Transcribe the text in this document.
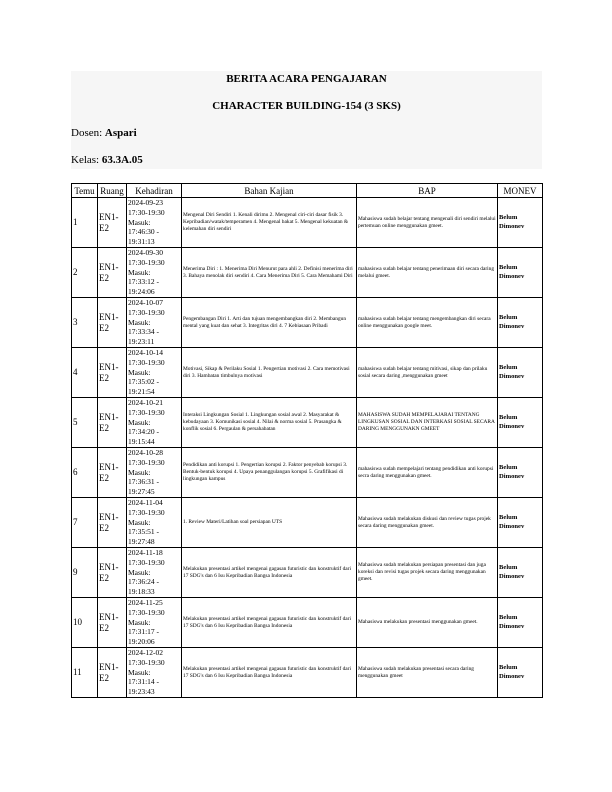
BERITA ACARA PENGAJARAN
CHARACTER BUILDING-154 (3 SKS)
Dosen: Aspari
Kelas: 63.3A.05
Temu	Ruang	Kehadiran	Bahan Kajian	BAP	MONEV
1	EN1-E2	2024-09-23
17:30-19:30
Masuk:
17:46:30 - 19:31:13	Mengenal Diri Sendiri 1. Kenali dirimu 2. Mengenal ciri-ciri dasar fisik 3. Kepribadian/watak/temperamen 4. Mengenal bakat 5. Mengenal kekuatan & kelemahan diri sendiri	Mahasiswa sudah belajar tentang mengenali diri sendiri melalui pertemuan online menggunakan gmeet.	Belum Dimonev
2	EN1-E2	2024-09-30
17:30-19:30
Masuk:
17:33:12 - 19:24:06	Menerima Diri : 1. Menerima Diri Menurut para ahli 2. Definisi menerima diri 3. Bahaya menolak diri sendiri 4. Cara Menerima Diri 5. Cara Memahami Diri	mahasiswa sudah belajar tentang penerimaan diri secara daring melalui gmeet.	Belum Dimonev
3	EN1-E2	2024-10-07
17:30-19:30
Masuk:
17:33:34 - 19:23:11	Pengembangan Diri 1. Arti dan tujuan mengembangkan diri 2. Membangun mental yang kuat dan sehat 3. Integritas diri 4. 7 Kebiasaan Pribadi	mahasiswa sudah belajar tentang mengembangkan diri secara online menggunakan google meet.	Belum Dimonev
4	EN1-E2	2024-10-14
17:30-19:30
Masuk:
17:35:02 - 19:21:54	Motivasi, Sikap & Perilaku Sosial 1. Pengertian motivasi 2. Cara memotivasi diri 3. Hambatan timbulnya motivasi	mahasiswa sudah belajar tentang mitivasi, sikap dan prilaku sosial secara daring ,menggunakan gmeet	Belum Dimonev
5	EN1-E2	2024-10-21
17:30-19:30
Masuk:
17:34:20 - 19:15:44	Interaksi Lingkungan Sosial 1. Lingkungan sosial awal 2. Masyarakat & kebudayaan 3. Komunikasi sosial 4. Nilai & norma sosial 5. Prasangka & konflik sosial 6. Pergaulan & persahabatan	MAHASISWA SUDAH MEMPELAJARAI TENTANG LINGKUSAN SOSIAL DAN INTERKASI SOSIAL SECARA DARING MENGGUNAKN GMEET	Belum Dimonev
6	EN1-E2	2024-10-28
17:30-19:30
Masuk:
17:36:31 - 19:27:45	Pendidikan anti korupsi 1. Pengertian korupsi 2. Faktor penyebab korupsi 3. Bentuk-bentuk korupsi 4. Upaya penanggulangan korupsi 5. Grafifikasi di lingkungan kampus	mahasiswa sudah mempelajari tentang pendidikan anti korupsi secra daring menggunakan gmeet.	Belum Dimonev
7	EN1-E2	2024-11-04
17:30-19:30
Masuk:
17:35:51 - 19:27:48	1. Review Materi/Latihan soal persiapan UTS	Mahasiswa sudah melakukan diskusi dan review tugas projek secara daring menggunakan gmeet.	Belum Dimonev
9	EN1-E2	2024-11-18
17:30-19:30
Masuk:
17:36:24 - 19:18:33	Melakukan presentasi artikel mengenai gagasan futuristic dan konstruktif dari 17 SDG's dan 6 Isu Kepribadian Bangsa Indonesia	Mahasiswa sudah melakukan persiapan presentasi dan juga koreksi dan revisi tugas projek secara daring menggunakan gmeet.	Belum Dimonev
10	EN1-E2	2024-11-25
17:30-19:30
Masuk:
17:31:17 - 19:20:06	Melakukan presentasi artikel mengenai gagasan futuristic dan konstruktif dari 17 SDG's dan 6 Isu Kepribadian Bangsa Indonesia	Mahasiswa melakukan presentasi menggunakan gmeet.	Belum Dimonev
11	EN1-E2	2024-12-02
17:30-19:30
Masuk:
17:31:14 - 19:23:43	Melakukan presentasi artikel mengenai gagasan futuristic dan konstruktif dari 17 SDG's dan 6 Isu Kepribadian Bangsa Indonesia	Mahasiswa sudah melakukan presentasi secara daring menggunakan gmeet	Belum Dimonev
